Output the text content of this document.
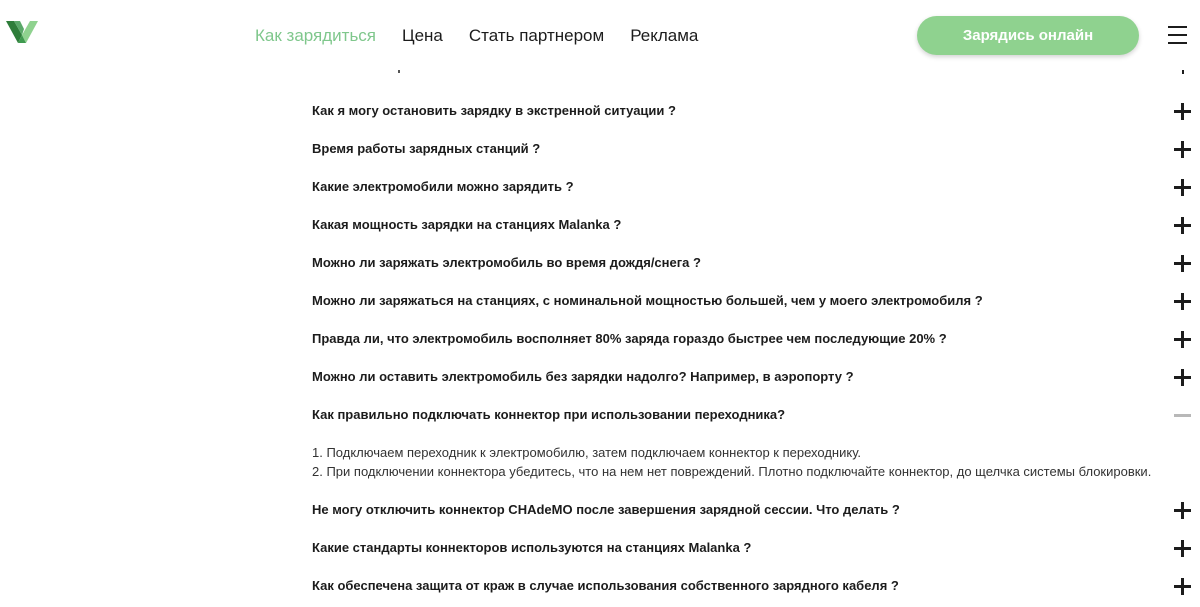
Как зарядиться Цена Стать партнером Реклама	Зарядись онлайн
Как я могу остановить зарядку в экстренной ситуации ?
Время работы зарядных станций ?
Какие электромобили можно зарядить ?
Какая мощность зарядки на станциях Malanka ?
Можно ли заряжать электромобиль во время дождя/снега ?
Можно ли заряжаться на станциях, с номинальной мощностью большей, чем у моего электромобиля ?
Правда ли, что электромобиль восполняет 80% заряда гораздо быстрее чем последующие 20% ?
Можно ли оставить электромобиль без зарядки надолго? Например, в аэропорту ?
Как правильно подключать коннектор при использовании переходника?
1. Подключаем переходник к электромобилю, затем подключаем коннектор к переходнику.
2. При подключении коннектора убедитесь, что на нем нет повреждений. Плотно подключайте коннектор, до щелчка системы блокировки.
Не могу отключить коннектор CHAdeMO после завершения зарядной сессии. Что делать ?
Какие стандарты коннекторов используются на станциях Malanka ?
Как обеспечена защита от краж в случае использования собственного зарядного кабеля ?
